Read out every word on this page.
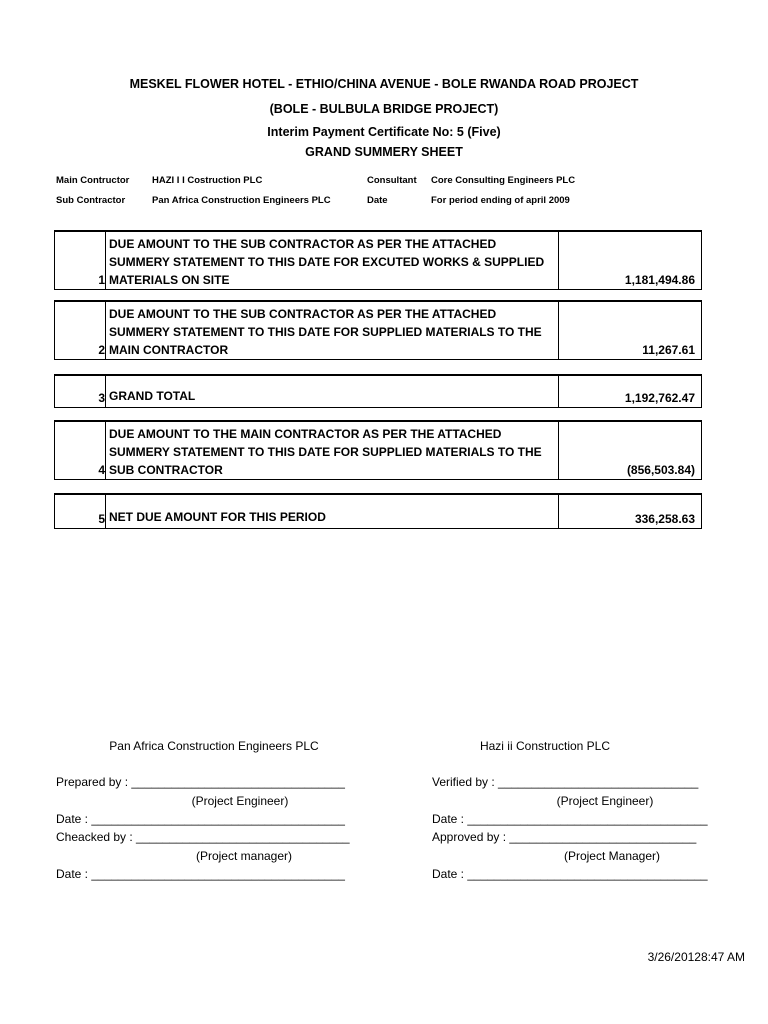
MESKEL FLOWER HOTEL - ETHIO/CHINA AVENUE - BOLE RWANDA ROAD PROJECT
(BOLE - BULBULA BRIDGE PROJECT)
Interim Payment Certificate No: 5 (Five)
GRAND SUMMERY SHEET
Main Contructor HAZI I I Costruction PLC	Consultant Core Consulting Engineers PLC
Sub Contractor	Pan Africa Construction Engineers PLC	Date	For period ending of april 2009
1
DUE AMOUNT TO THE SUB CONTRACTOR AS PER THE ATTACHED SUMMERY STATEMENT TO THIS DATE FOR EXCUTED WORKS & SUPPLIED MATERIALS ON SITE	1,181,494.86
2
DUE AMOUNT TO THE SUB CONTRACTOR AS PER THE ATTACHED SUMMERY STATEMENT TO THIS DATE FOR SUPPLIED MATERIALS TO THE MAIN CONTRACTOR	11,267.61
3 GRAND TOTAL	1,192,762.47
4
DUE AMOUNT TO THE MAIN CONTRACTOR AS PER THE ATTACHED SUMMERY STATEMENT TO THIS DATE FOR SUPPLIED MATERIALS TO THE SUB CONTRACTOR	(856,503.84)
5 NET DUE AMOUNT FOR THIS PERIOD	336,258.63
Pan Africa Construction Engineers PLC
Prepared by : ________________________________
(Project Engineer)
Date : ______________________________________
Cheacked by : ________________________________
(Project manager)
Date : ______________________________________
Hazi ii Construction PLC
Verified by : ______________________________
(Project Engineer)
Date : ____________________________________
Approved by : ____________________________
(Project Manager)
Date : ____________________________________
3/26/20128:47 AM
